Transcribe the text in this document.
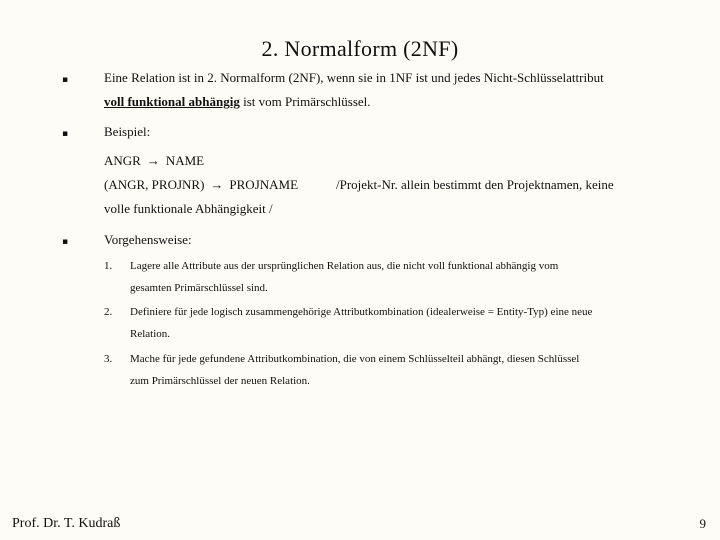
2. Normalform (2NF)
▪	Eine Relation ist in 2. Normalform (2NF), wenn sie in 1NF ist und jedes Nicht-Schlüsselattribut
voll funktional abhängig ist vom Primärschlüssel.
▪	Beispiel:
ANGR → NAME
(ANGR, PROJNR) → PROJNAME	/Projekt-Nr. allein bestimmt den Projektnamen, keine
volle funktionale Abhängigkeit /
▪	Vorgehensweise:
1. Lagere alle Attribute aus der ursprünglichen Relation aus, die nicht voll funktional abhängig vom
gesamten Primärschlüssel sind.
2. Definiere für jede logisch zusammengehörige Attributkombination (idealerweise = Entity-Typ) eine neue
Relation.
3. Mache für jede gefundene Attributkombination, die von einem Schlüsselteil abhängt, diesen Schlüssel
zum Primärschlüssel der neuen Relation.
Prof. Dr. T. Kudraß	9
